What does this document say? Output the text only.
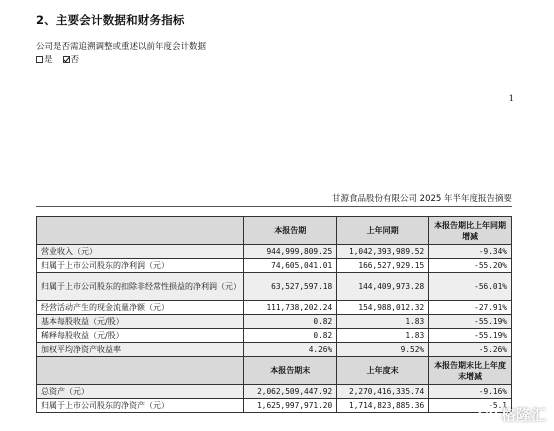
2、主要会计数据和财务指标
公司是否需追溯调整或重述以前年度会计数据
是 否
1
甘源食品股份有限公司 2025 年半年度报告摘要
	本报告期	上年同期	本报告期比上年同期增减
营业收入（元）	944,999,809.25	1,042,393,989.52	-9.34%
归属于上市公司股东的净利润（元）	74,605,041.01	166,527,929.15	-55.20%
归属于上市公司股东的扣除非经常性损益的净利润（元）	63,527,597.18	144,409,973.28	-56.01%
经营活动产生的现金流量净额（元）	111,738,202.24	154,988,012.32	-27.91%
基本每股收益（元/股）	0.82	1.83	-55.19%
稀释每股收益（元/股）	0.82	1.83	-55.19%
加权平均净资产收益率	4.26%	9.52%	-5.26%
	本报告期末	上年度末	本报告期末比上年度末增减
总资产（元）	2,062,509,447.92	2,270,416,335.74	-9.16%
归属于上市公司股东的净资产（元）	1,625,997,971.20	1,714,823,885.36	-5.1
格隆汇
